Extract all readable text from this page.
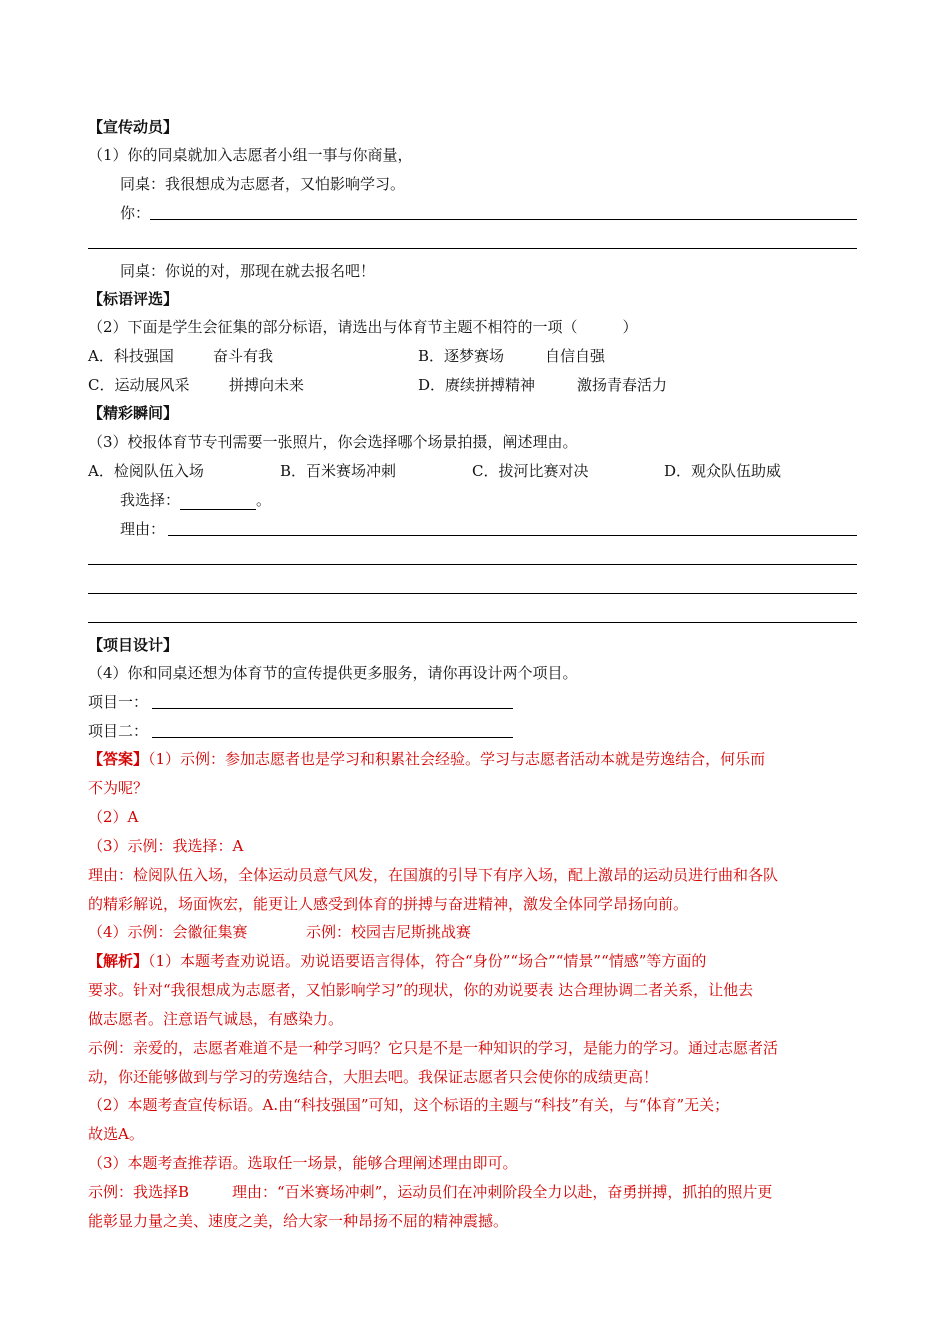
【宣传动员】
（1）你的同桌就加入志愿者小组一事与你商量，
同桌：我很想成为志愿者，又怕影响学习。
你：
同桌：你说的对，那现在就去报名吧！
【标语评选】
（2）下面是学生会征集的部分标语，请选出与体育节主题不相符的一项（　　　）
A．科技强国	奋斗有我	B．逐梦赛场	自信自强
C．运动展风采	拼搏向未来	D．赓续拼搏精神	激扬青春活力
【精彩瞬间】
（3）校报体育节专刊需要一张照片，你会选择哪个场景拍摄，阐述理由。
A．检阅队伍入场	B．百米赛场冲刺	C．拔河比赛对决	D．观众队伍助威
我选择：	。
理由：
【项目设计】
（4）你和同桌还想为体育节的宣传提供更多服务，请你再设计两个项目。
项目一：
项目二：
【答案】（1）示例：参加志愿者也是学习和积累社会经验。学习与志愿者活动本就是劳逸结合，何乐而
不为呢？
（2）A
（3）示例：我选择：A
理由：检阅队伍入场，全体运动员意气风发，在国旗的引导下有序入场，配上激昂的运动员进行曲和各队
的精彩解说，场面恢宏，能更让人感受到体育的拼搏与奋进精神，激发全体同学昂扬向前。
（4）示例：会徽征集赛	示例：校园吉尼斯挑战赛
【解析】（1）本题考查劝说语。劝说语要语言得体，符合“身份”“场合”“情景”“情感”等方面的
要求。针对“我很想成为志愿者，又怕影响学习”的现状，你的劝说要表 达合理协调二者关系，让他去
做志愿者。注意语气诚恳，有感染力。
示例：亲爱的，志愿者难道不是一种学习吗？它只是不是一种知识的学习，是能力的学习。通过志愿者活
动，你还能够做到与学习的劳逸结合，大胆去吧。我保证志愿者只会使你的成绩更高！
（2）本题考查宣传标语。A.由“科技强国”可知，这个标语的主题与“科技”有关，与“体育”无关；
故选A。
（3）本题考查推荐语。选取任一场景，能够合理阐述理由即可。
示例：我选择B	理由：“百米赛场冲刺”，运动员们在冲刺阶段全力以赴，奋勇拼搏，抓拍的照片更
能彰显力量之美、速度之美，给大家一种昂扬不屈的精神震撼。
